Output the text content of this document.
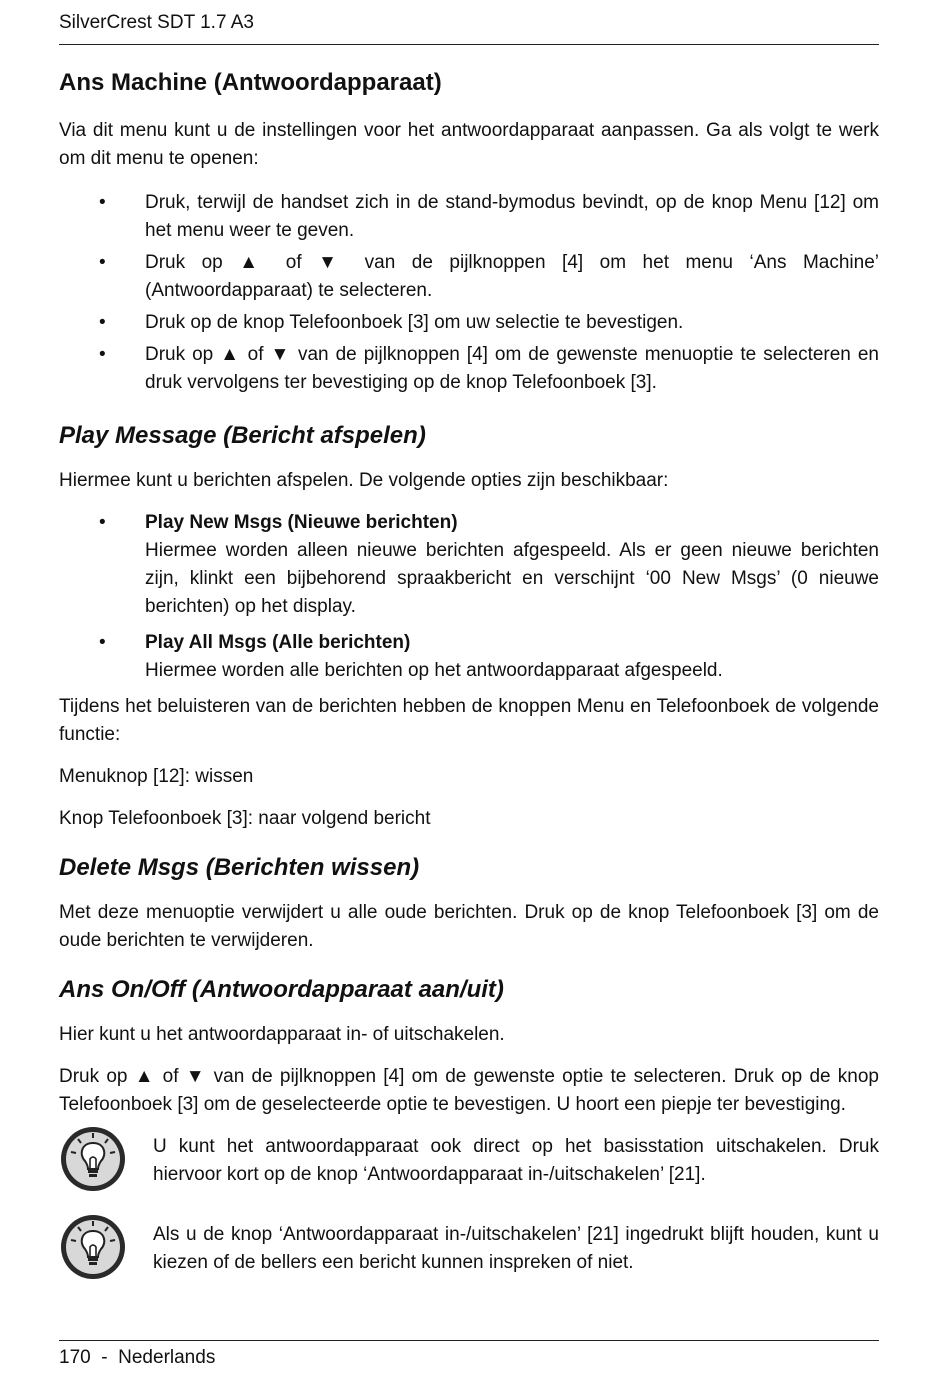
SilverCrest SDT 1.7 A3
Ans Machine (Antwoordapparaat)

Via dit menu kunt u de instellingen voor het antwoordapparaat aanpassen. Ga als volgt te werk om dit menu te openen:

• Druk, terwijl de handset zich in de stand-bymodus bevindt, op de knop Menu [12] om het menu weer te geven.
• Druk op ▲ of ▼ van de pijlknoppen [4] om het menu ‘Ans Machine’ (Antwoordapparaat) te selecteren.
• Druk op de knop Telefoonboek [3] om uw selectie te bevestigen.
• Druk op ▲ of ▼ van de pijlknoppen [4] om de gewenste menuoptie te selecteren en druk vervolgens ter bevestiging op de knop Telefoonboek [3].
Play Message (Bericht afspelen)

Hiermee kunt u berichten afspelen. De volgende opties zijn beschikbaar:

• Play New Msgs (Nieuwe berichten)
Hiermee worden alleen nieuwe berichten afgespeeld. Als er geen nieuwe berichten zijn, klinkt een bijbehorend spraakbericht en verschijnt ‘00 New Msgs’ (0 nieuwe berichten) op het display.
• Play All Msgs (Alle berichten)
Hiermee worden alle berichten op het antwoordapparaat afgespeeld.

Tijdens het beluisteren van de berichten hebben de knoppen Menu en Telefoonboek de volgende functie:

Menuknop [12]: wissen

Knop Telefoonboek [3]: naar volgend bericht

Delete Msgs (Berichten wissen)

Met deze menuoptie verwijdert u alle oude berichten. Druk op de knop Telefoonboek [3] om de oude berichten te verwijderen.

Ans On/Off (Antwoordapparaat aan/uit)

Hier kunt u het antwoordapparaat in- of uitschakelen.

Druk op ▲ of ▼ van de pijlknoppen [4] om de gewenste optie te selecteren. Druk op de knop Telefoonboek [3] om de geselecteerde optie te bevestigen. U hoort een piepje ter bevestiging.

U kunt het antwoordapparaat ook direct op het basisstation uitschakelen. Druk hiervoor kort op de knop ‘Antwoordapparaat in-/uitschakelen’ [21].

Als u de knop ‘Antwoordapparaat in-/uitschakelen’ [21] ingedrukt blijft houden, kunt u kiezen of de bellers een bericht kunnen inspreken of niet.

170  -  Nederlands
